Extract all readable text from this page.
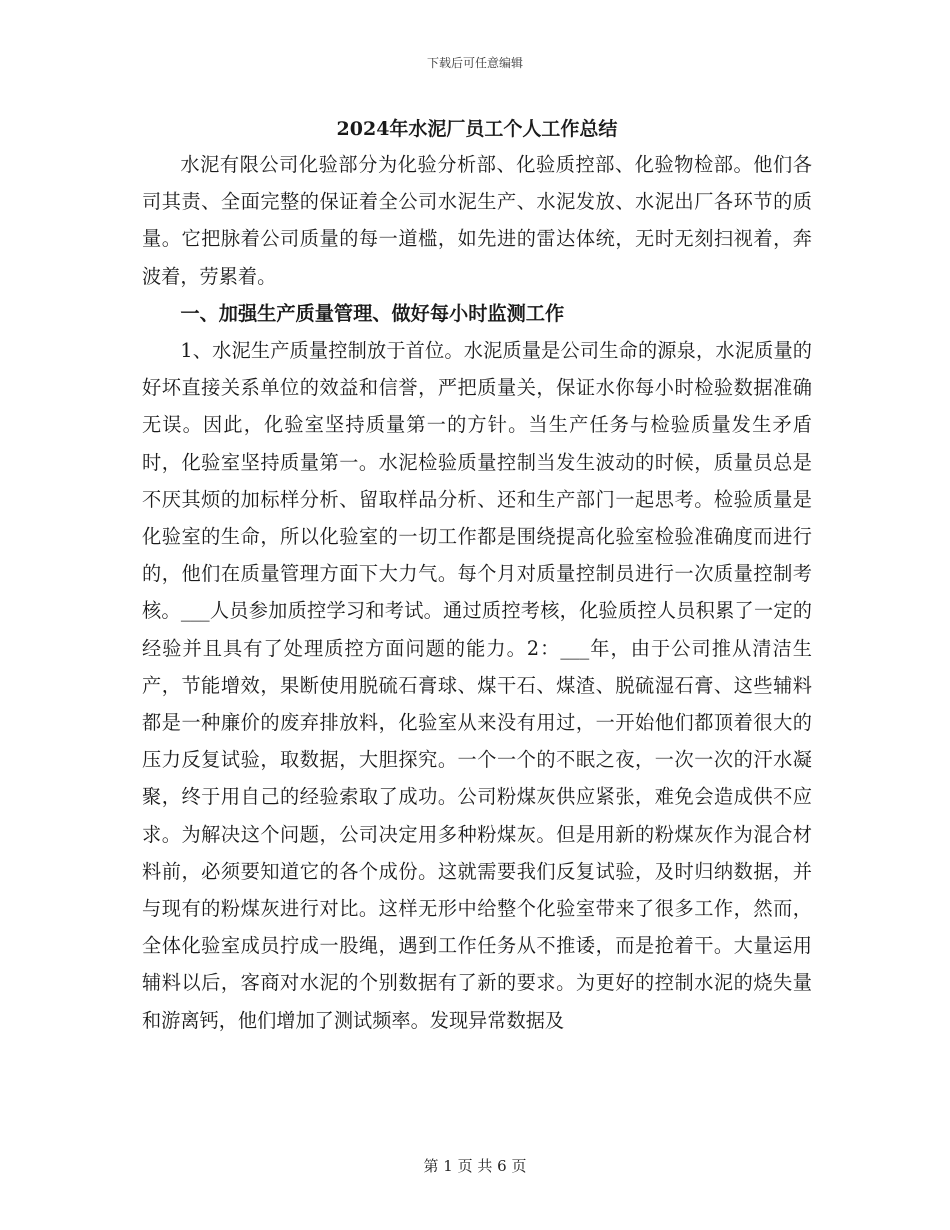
下载后可任意编辑
2024年水泥厂员工个人工作总结

水泥有限公司化验部分为化验分析部、化验质控部、化验物检部。他们各司其责、全面完整的保证着全公司水泥生产、水泥发放、水泥出厂各环节的质量。它把脉着公司质量的每一道槛，如先进的雷达体统，无时无刻扫视着，奔波着，劳累着。

一、加强生产质量管理、做好每小时监测工作

1、水泥生产质量控制放于首位。水泥质量是公司生命的源泉，水泥质量的好坏直接关系单位的效益和信誉，严把质量关，保证水你每小时检验数据准确无误。因此，化验室坚持质量第一的方针。当生产任务与检验质量发生矛盾时，化验室坚持质量第一。水泥检验质量控制当发生波动的时候，质量员总是不厌其烦的加标样分析、留取样品分析、还和生产部门一起思考。检验质量是化验室的生命，所以化验室的一切工作都是围绕提高化验室检验准确度而进行的，他们在质量管理方面下大力气。每个月对质量控制员进行一次质量控制考核。___人员参加质控学习和考试。通过质控考核，化验质控人员积累了一定的经验并且具有了处理质控方面问题的能力。2：___年，由于公司推从清洁生产，节能增效，果断使用脱硫石膏球、煤干石、煤渣、脱硫湿石膏、这些辅料都是一种廉价的废弃排放料，化验室从来没有用过，一开始他们都顶着很大的压力反复试验，取数据，大胆探究。一个一个的不眠之夜，一次一次的汗水凝聚，终于用自己的经验索取了成功。公司粉煤灰供应紧张，难免会造成供不应求。为解决这个问题，公司决定用多种粉煤灰。但是用新的粉煤灰作为混合材料前，必须要知道它的各个成份。这就需要我们反复试验，及时归纳数据，并与现有的粉煤灰进行对比。这样无形中给整个化验室带来了很多工作，然而，全体化验室成员拧成一股绳，遇到工作任务从不推诿，而是抢着干。大量运用辅料以后，客商对水泥的个别数据有了新的要求。为更好的控制水泥的烧失量和游离钙，他们增加了测试频率。发现异常数据及

第 1 页 共 6 页
